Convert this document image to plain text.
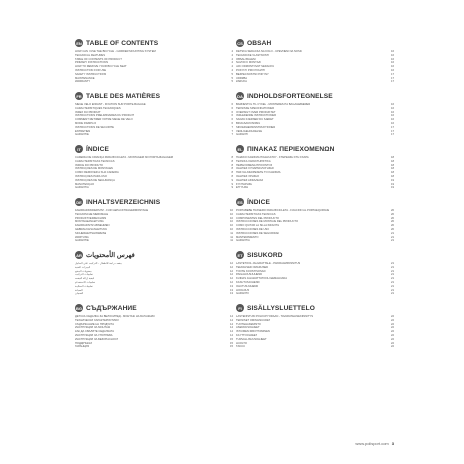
EN TABLE OF CONTENTS
HOW CAN I USE THE BICYCLE - CARRIER MOUNTING SYSTEM	4
TECHNICAL FEATURES	4
TABLE OF CONTENTS OF PRODUCT	4
PRIMARY INSTRUCTIONS	4
HOW TO REMOVE YOUR BICYCLE SEAT	4
INSTRUCTION FOR USE	4
SAFETY INSTRUCTIONS	5
MAINTENANCE	5
WARRANTY	5
FR TABLE DES MATIÈRES
SIÈGE VÉLO ENFANT - FIXATION SUR PORTE-BAGAGE	6
CARACTÉRISTIQUES TECHNIQUES	6
INDEX DU PRODUIT	6
INSTRUCTIONS PRÉLIMINAIRES DU PRODUIT	6
COMMENT RETIRER VOTRE SIÈGE DE VÉLO	6
MODE D'EMPLOI	6
INSTRUCTIONS DE SÉCURITÉ	7
ENTRETIEN	7
GARANTIE	7
IT ÍNDICE
CADEIRA DE CRIANÇA PARA BICICLETA - MONTAGEM NO PORTA-BAGAGEM	8
CARACTERÍSTICAS TÉCNICAS	8
ÍNDICE DO PRODUTO	8
INSTRUÇÕES DE MONTAGEM	8
COMO REMOVER A SUA CADEIRA	8
INSTRUÇÕES PARA USO	8
INSTRUÇÕES DE SEGURANÇA	9
MANUTENÇÃO	9
GARANTIA	9
DE INHALTSVERZEICHNIS
FAHRRADKINDERSITZ - FÜR GEPÄCKTRÄGERMONTAGE	10
TECHNISCHE MERKMALE	10
PRODUKTVERZEICHNIS	10
MONTAGEANLEITUNG	10
FAHRRADSITZ ABNEHMEN	10
GEBRAUCHSANLEITUNG	10
SICHERHEITSHINWEISE	11
WARTUNG	11
GARANTIE	11
AR فهرس الأمحتويات
مقعد دراجة للأطفال - التركيب على الحامل	12
الميزات الفنية	12
محتويات المنتج	12
تعليمات التركيب	12
كيفية إزالة المقعد	12
تعليمات الاستخدام	12
تعليمات السلامة	13
الصيانة	13
الضمان	13
BG СЪДЪРЖАНИЕ
ДЕТСКА СЕДАЛКА ЗА ВЕЛОСИПЕД - МОНТАЖ НА БАГАЖНИК	14
ТЕХНИЧЕСКИ ХАРАКТЕРИСТИКИ	14
СЪДЪРЖАНИЕ НА ПРОДУКТА	14
ИНСТРУКЦИИ ЗА МОНТАЖ	14
КАК ДА СВАЛИТЕ СЕДАЛКАТА	14
ИНСТРУКЦИИ ЗА УПОТРЕБА	14
ИНСТРУКЦИИ ЗА БЕЗОПАСНОСТ	15
ПОДДРЪЖКА	15
ГАРАНЦИЯ	15
CS OBSAH
DĚTSKÁ SEDAČKA NA KOLO - UPEVNĚNÍ NA NOSIČ	16
TECHNICKÉ VLASTNOSTI	16
OBSAH BALENÍ	16
NÁVOD K MONTÁŽI	16
JAK ODMONTOVAT SEDAČKU	16
POKYNY PRO POUŽITÍ	16
BEZPEČNOSTNÍ POKYNY	17
ÚDRŽBA	17
ZÁRUKA	17
DA INDHOLDSFORTEGNELSE
BARNESTOL TIL CYKEL - MONTERES PÅ BAGAGEBÆRER	16
TEKNISKE SPECIFIKATIONER	16
OVERSIGT OVER PRODUKTET	16
INDLEDENDE INSTRUKTIONER	16
SÅDAN FJERNER DU SÆDET	16
BRUGSANVISNING	16
SIKKERHEDSINSTRUKTIONER	17
VEDLIGEHOLDELSE	17
GARANTI	17
EL ΠΙΝΑΚΑΣ ΠΕΡΙΕΧΟΜΕΝΩΝ
ΠΑΙΔΙΚΟ ΚΑΘΙΣΜΑ ΠΟΔΗΛΑΤΟΥ - ΣΤΕΡΕΩΣΗ ΣΤΗ ΣΧΑΡΑ	18
ΤΕΧΝΙΚΑ ΧΑΡΑΚΤΗΡΙΣΤΙΚΑ	18
ΠΕΡΙΕΧΟΜΕΝΑ ΠΡΟΪΟΝΤΟΣ	18
ΟΔΗΓΙΕΣ ΣΥΝΑΡΜΟΛΟΓΗΣΗΣ	18
ΠΩΣ ΝΑ ΑΦΑΙΡΕΣΕΤΕ ΤΟ ΚΑΘΙΣΜΑ	18
ΟΔΗΓΙΕΣ ΧΡΗΣΗΣ	18
ΟΔΗΓΙΕΣ ΑΣΦΑΛΕΙΑΣ	19
ΣΥΝΤΗΡΗΣΗ	19
ΕΓΓΥΗΣΗ	19
ES ÍNDICE
PORTABEBÉ TRASERO PARA BICICLETA - FIJACIÓN AL PORTAEQUIPAJE	20
CARACTERÍSTICAS TÉCNICAS	20
COMPONENTES DEL PRODUCTO	20
INSTRUCCIONES DE MONTAJE DEL PRODUCTO	20
CÓMO QUITAR LA SILLA INFANTIL	20
INSTRUCCIONES DE USO	20
INSTRUCCIONES DE SEGURIDAD	21
MANTENIMIENTO	21
GARANTÍA	21
ET SISUKORD
LASTETOOL JALGRATTALE - PAKIRAAMIKINNITUS	21
TEHNILISED OMADUSED	21
TOOTE KOOSTISOSAD	21
PAIGALDUSJUHEND	21
KUIDAS JALGRATTATOOLI EEMALDADA	21
KASUTUSJUHEND	21
OHUTUSJUHEND	21
HOOLDUS	21
GARANTII	21
FI SISÄLLYSLUETTELO
LASTENISTUIN POLKUPYÖRÄÄN - TAVARATELINEKIINNITYS	22
TEKNISET OMINAISUUDET	22
TUOTEHAKEMISTO	22
ASENNUSOHJEET	22
ISTUIMEN IRROTTAMINEN	22
KÄYTTÖOHJEET	22
TURVALLISUUSOHJEET	22
HUOLTO	22
TAKUU	22
www.polisport.com 3
